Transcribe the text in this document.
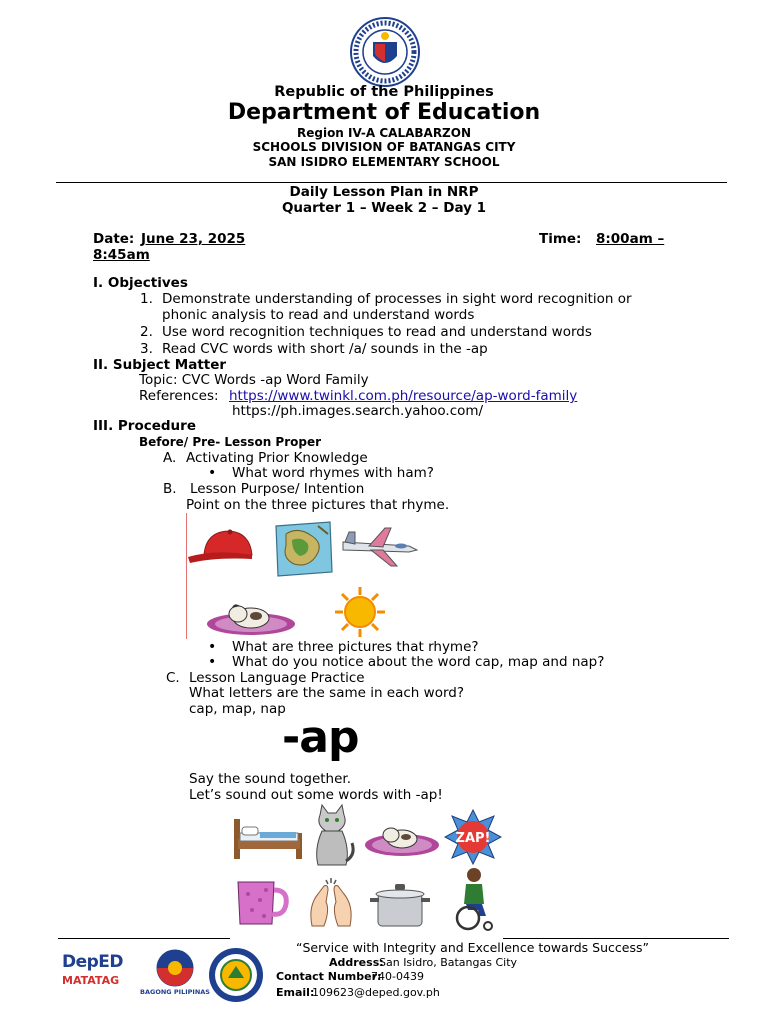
Republic of the Philippines
Department of Education
Region IV-A CALABARZON
SCHOOLS DIVISION OF BATANGAS CITY
SAN ISIDRO ELEMENTARY SCHOOL
Daily Lesson Plan in NRP
Quarter 1 – Week 2 – Day 1
Date: June 23, 2025	Time: 8:00am –
8:45am
I. Objectives
1. Demonstrate understanding of processes in sight word recognition or
phonic analysis to read and understand words
2. Use word recognition techniques to read and understand words
3. Read CVC words with short /a/ sounds in the -ap
II. Subject Matter
Topic: CVC Words -ap Word Family
References: https://www.twinkl.com.ph/resource/ap-word-family
https://ph.images.search.yahoo.com/
III. Procedure
Before/ Pre- Lesson Proper
A. Activating Prior Knowledge
• What word rhymes with ham?
B. Lesson Purpose/ Intention
Point on the three pictures that rhyme.
• What are three pictures that rhyme?
• What do you notice about the word cap, map and nap?
C. Lesson Language Practice
What letters are the same in each word?
cap, map, nap
-ap
Say the sound together.
Let’s sound out some words with -ap!
ZAP!
“Service with Integrity and Excellence towards Success”
DepED
MATATAG
BAGONG PILIPINAS
Address:
San Isidro, Batangas City
Contact Number:
740-0439
Email:
109623@deped.gov.ph
